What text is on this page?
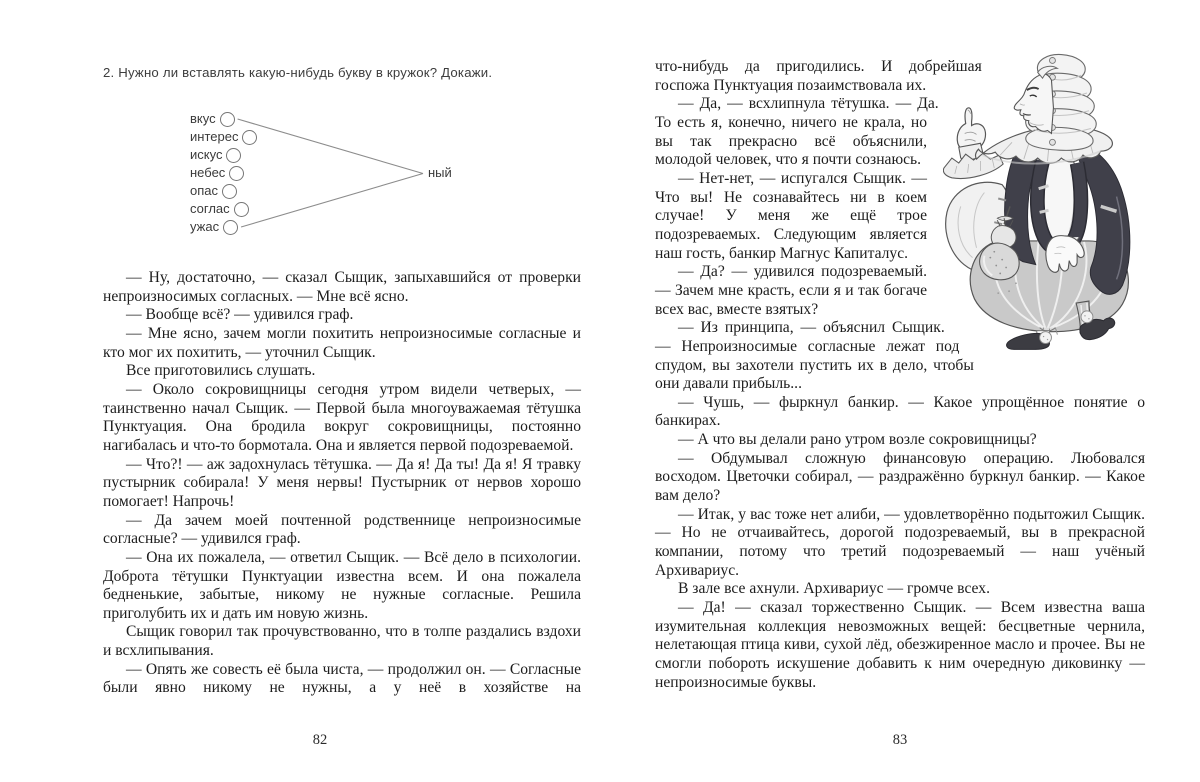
2. Нужно ли вставлять какую-нибудь букву в кружок? Докажи.
вкус
интерес
искус
небес
опас
соглас
ужас
ный

— Ну, достаточно, — сказал Сыщик, запыхавшийся от проверки непроизносимых согласных. — Мне всё ясно.

— Вообще всё? — удивился граф.

— Мне ясно, зачем могли похитить непроизносимые согласные и кто мог их похитить, — уточнил Сыщик.

Все приготовились слушать.

— Около сокровищницы сегодня утром видели четверых, — таинственно начал Сыщик. — Первой была многоуважаемая тётушка Пунктуация. Она бродила вокруг сокровищницы, постоянно нагибалась и что-то бормотала. Она и является первой подозреваемой.

— Что?! — аж задохнулась тётушка. — Да я! Да ты! Да я! Я травку пустырник собирала! У меня нервы! Пустырник от нервов хорошо помогает! Напрочь!

— Да зачем моей почтенной родственнице непроизносимые согласные? — удивился граф.

— Она их пожалела, — ответил Сыщик. — Всё дело в психологии. Доброта тётушки Пунктуации известна всем. И она пожалела бедненькие, забытые, никому не нужные согласные. Решила приголубить их и дать им новую жизнь.

Сыщик говорил так прочувствованно, что в толпе раздались вздохи и всхлипывания.

— Опять же совесть её была чиста, — продолжил он. — Согласные были явно никому не нужны, а у неё в хозяйстве на

82

что-нибудь да пригодились. И добрейшая госпожа Пунктуация позаимствовала их.

— Да, — всхлипнула тётушка. — Да. То есть я, конечно, ничего не крала, но вы так прекрасно всё объяснили, молодой человек, что я почти сознаюсь.

— Нет-нет, — испугался Сыщик. — Что вы! Не сознавайтесь ни в коем случае! У меня же ещё трое подозреваемых. Следующим является наш гость, банкир Магнус Капиталус.

— Да? — удивился подозреваемый. — Зачем мне красть, если я и так богаче всех вас, вместе взятых?

— Из принципа, — объяснил Сыщик. — Непроизносимые согласные лежат под спудом, вы захотели пустить их в дело, чтобы они давали прибыль...

— Чушь, — фыркнул банкир. — Какое упрощённое понятие о банкирах.

— А что вы делали рано утром возле сокровищницы?

— Обдумывал сложную финансовую операцию. Любовался восходом. Цветочки собирал, — раздражённо буркнул банкир. — Какое вам дело?

— Итак, у вас тоже нет алиби, — удовлетворённо подытожил Сыщик. — Но не отчаивайтесь, дорогой подозреваемый, вы в прекрасной компании, потому что третий подозреваемый — наш учёный Архивариус.

В зале все ахнули. Архивариус — громче всех.

— Да! — сказал торжественно Сыщик. — Всем известна ваша изумительная коллекция невозможных вещей: бесцветные чернила, нелетающая птица киви, сухой лёд, обезжиренное масло и прочее. Вы не смогли побороть искушение добавить к ним очередную диковинку — непроизносимые буквы.

83
